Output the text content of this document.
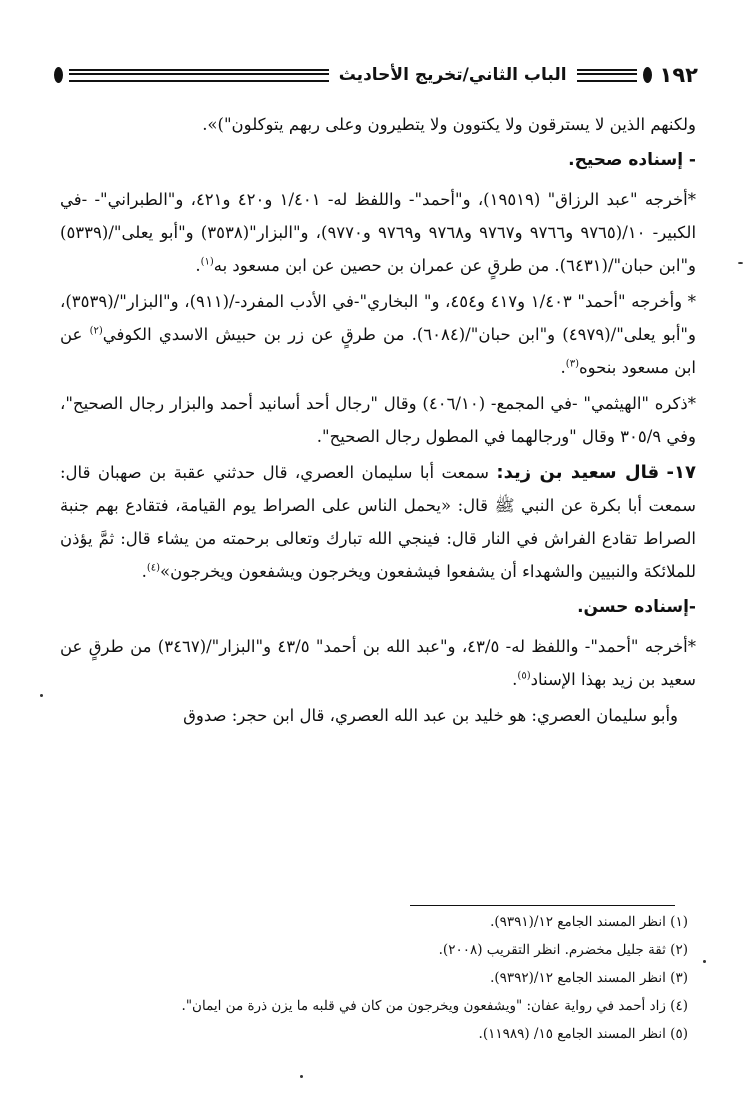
١٩٢
الباب الثاني/تخريج الأحاديث

ولكنهم الذين لا يسترقون ولا يكتوون ولا يتطيرون وعلى ربهم يتوكلون")».

- إسناده صحيح.

*أخرجه "عبد الرزاق" (١٩٥١٩)، و"أحمد"- واللفظ له- ١/٤٠١ و٤٢٠ و٤٢١، و"الطبراني"- -في الكبير- ١٠/(٩٧٦٥ و٩٧٦٦ و٩٧٦٧ و٩٧٦٨ و٩٧٦٩ و٩٧٧٠)، و"البزار"(٣٥٣٨) و"أبو يعلى"/(٥٣٣٩) و"ابن حبان"/(٦٤٣١). من طرقٍ عن عمران بن حصين عن ابن مسعود به$^{(١)}$.

* وأخرجه "أحمد" ١/٤٠٣ و٤١٧ و٤٥٤، و" البخاري"-في الأدب المفرد-/(٩١١)، و"البزار"/(٣٥٣٩)، و"أبو يعلى"/(٤٩٧٩) و"ابن حبان"/(٦٠٨٤). من طرقٍ عن زر بن حبيش الاسدي الكوفي$^{(٢)}$ عن ابن مسعود بنحوه$^{(٣)}$.

*ذكره "الهيثمي" -في المجمع- (٤٠٦/١٠) وقال "رجال أحد أسانيد أحمد والبزار رجال الصحيح"، وفي ٣٠٥/٩ وقال "ورجالهما في المطول رجال الصحيح".

١٧- قال سعيد بن زيد: سمعت أبا سليمان العصري، قال حدثني عقبة بن صهبان قال: سمعت أبا بكرة عن النبي ﷺ قال: «يحمل الناس على الصراط يوم القيامة، فتقادع بهم جنبة الصراط تقادع الفراش في النار قال: فينجي الله تبارك وتعالى برحمته من يشاء قال: ثمَّ يؤذن للملائكة والنبيين والشهداء أن يشفعوا فيشفعون ويخرجون ويشفعون ويخرجون»$^{(٤)}$.

-إسناده حسن.

*أخرجه "أحمد"- واللفظ له- ٤٣/٥، و"عبد الله بن أحمد" ٤٣/٥ و"البزار"/(٣٤٦٧) من طرقٍ عن سعيد بن زيد بهذا الإسناد$^{(٥)}$.

وأبو سليمان العصري: هو خليد بن عبد الله العصري، قال ابن حجر: صدوق

(١) انظر المسند الجامع ١٢/(٩٣٩١).
(٢) ثقة جليل مخضرم. انظر التقريب (٢٠٠٨).
(٣) انظر المسند الجامع ١٢/(٩٣٩٢).
(٤) زاد أحمد في رواية عفان: "ويشفعون ويخرجون من كان في قلبه ما يزن ذرة من ايمان".
(٥) انظر المسند الجامع ١٥/ (١١٩٨٩).
